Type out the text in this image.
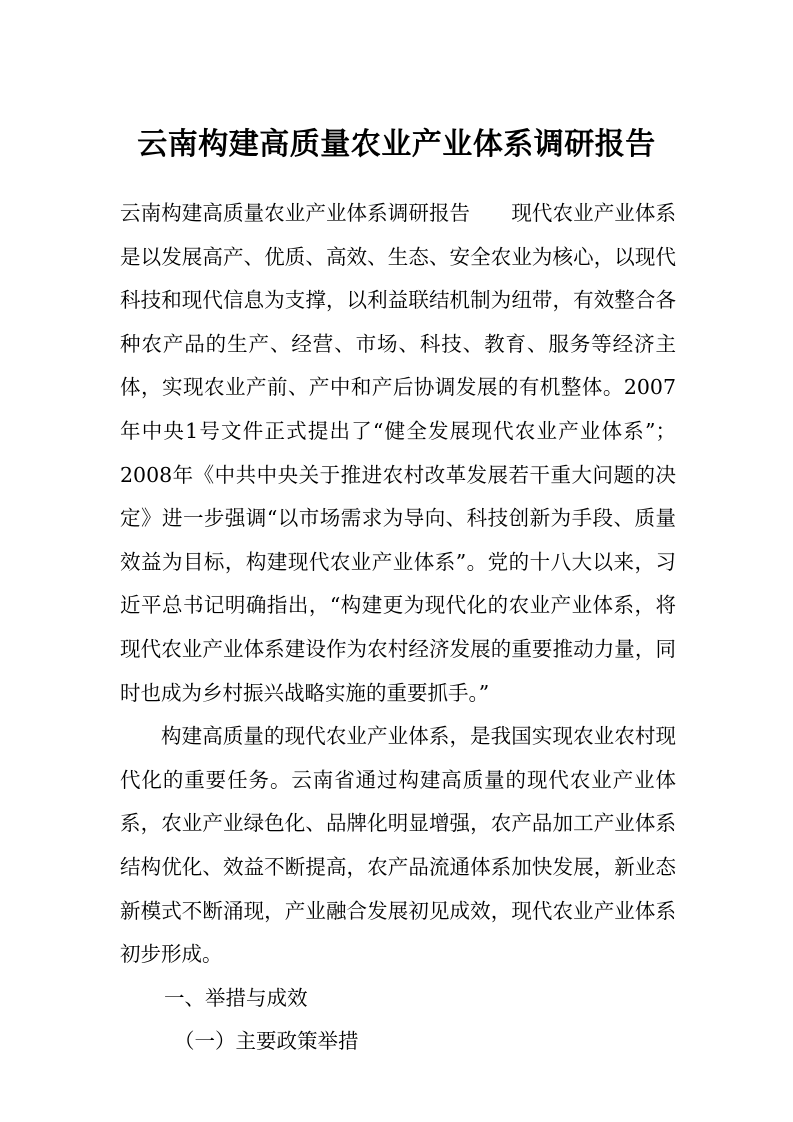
云南构建高质量农业产业体系调研报告

云南构建高质量农业产业体系调研报告　　现代农业产业体系是以发展高产、优质、高效、生态、安全农业为核心，以现代科技和现代信息为支撑，以利益联结机制为纽带，有效整合各种农产品的生产、经营、市场、科技、教育、服务等经济主体，实现农业产前、产中和产后协调发展的有机整体。2007年中央1号文件正式提出了“健全发展现代农业产业体系”；2008年《中共中央关于推进农村改革发展若干重大问题的决定》进一步强调“以市场需求为导向、科技创新为手段、质量效益为目标，构建现代农业产业体系”。党的十八大以来，习近平总书记明确指出，“构建更为现代化的农业产业体系，将现代农业产业体系建设作为农村经济发展的重要推动力量，同时也成为乡村振兴战略实施的重要抓手。”

构建高质量的现代农业产业体系，是我国实现农业农村现代化的重要任务。云南省通过构建高质量的现代农业产业体系，农业产业绿色化、品牌化明显增强，农产品加工产业体系结构优化、效益不断提高，农产品流通体系加快发展，新业态新模式不断涌现，产业融合发展初见成效，现代农业产业体系初步形成。

一、举措与成效

（一）主要政策举措
